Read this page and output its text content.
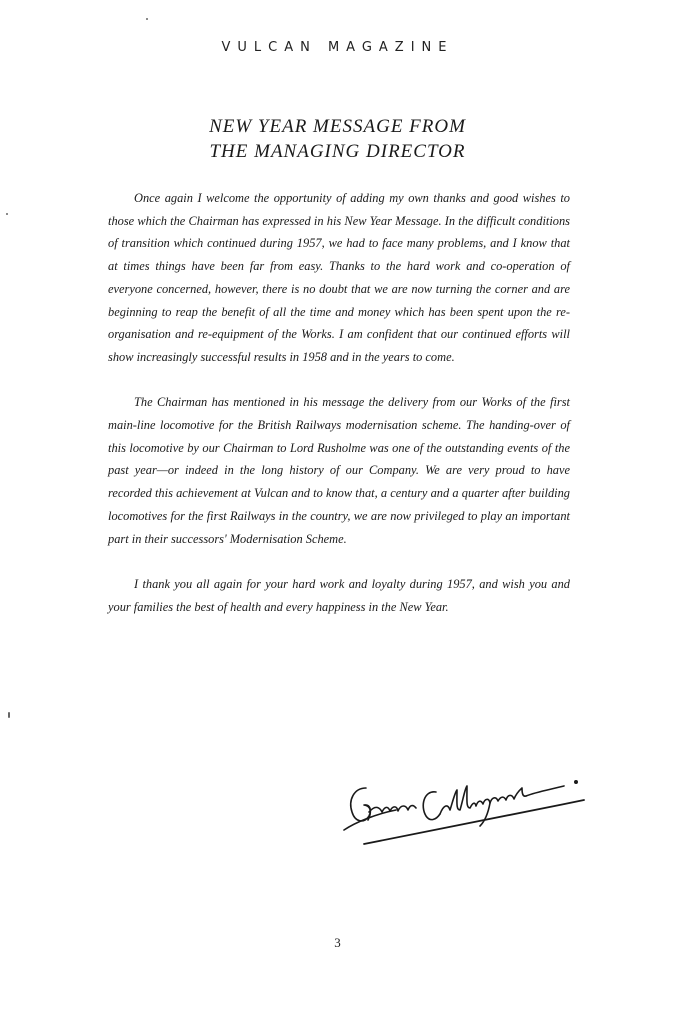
VULCAN MAGAZINE
NEW YEAR MESSAGE FROM
THE MANAGING DIRECTOR

Once again I welcome the opportunity of adding my own thanks and good wishes to those which the Chairman has expressed in his New Year Message. In the difficult conditions of transition which continued during 1957, we had to face many problems, and I know that at times things have been far from easy. Thanks to the hard work and co-operation of everyone concerned, however, there is no doubt that we are now turning the corner and are beginning to reap the benefit of all the time and money which has been spent upon the re-organisation and re-equipment of the Works. I am confident that our continued efforts will show increasingly successful results in 1958 and in the years to come.

The Chairman has mentioned in his message the delivery from our Works of the first main-line locomotive for the British Railways modernisation scheme. The handing-over of this locomotive by our Chairman to Lord Rusholme was one of the outstanding events of the past year—or indeed in the long history of our Company. We are very proud to have recorded this achievement at Vulcan and to know that, a century and a quarter after building locomotives for the first Railways in the country, we are now privileged to play an important part in their successors' Modernisation Scheme.

I thank you all again for your hard work and loyalty during 1957, and wish you and your families the best of health and every happiness in the New Year.

3
